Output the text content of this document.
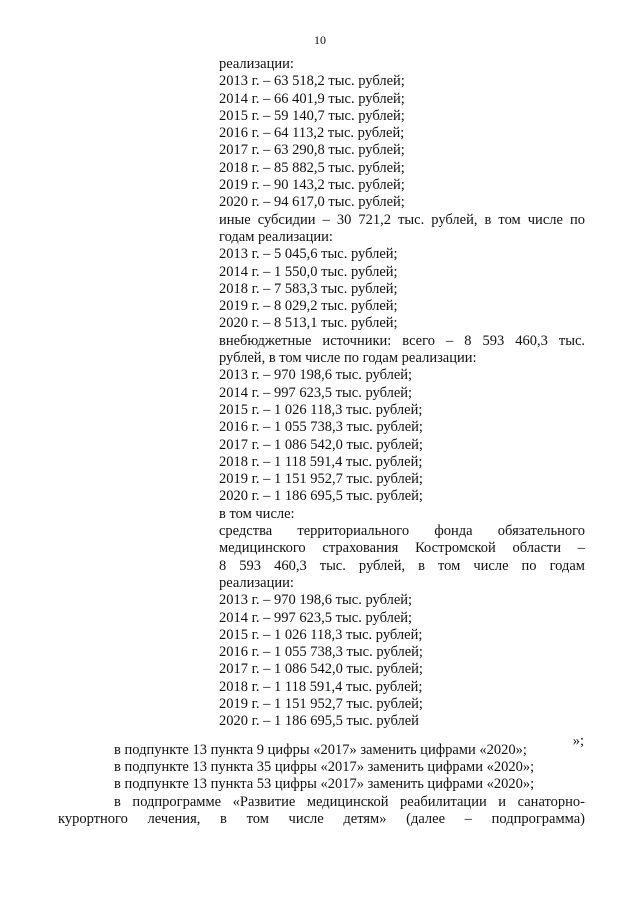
10
реализации:
2013 г. – 63 518,2 тыс. рублей;
2014 г. – 66 401,9 тыс. рублей;
2015 г. – 59 140,7 тыс. рублей;
2016 г. – 64 113,2 тыс. рублей;
2017 г. – 63 290,8 тыс. рублей;
2018 г. – 85 882,5 тыс. рублей;
2019 г. – 90 143,2 тыс. рублей;
2020 г. – 94 617,0 тыс. рублей;
иные субсидии – 30 721,2 тыс. рублей, в том числе по
годам реализации:
2013 г. – 5 045,6 тыс. рублей;
2014 г. – 1 550,0 тыс. рублей;
2018 г. – 7 583,3 тыс. рублей;
2019 г. – 8 029,2 тыс. рублей;
2020 г. – 8 513,1 тыс. рублей;
внебюджетные источники: всего – 8 593 460,3 тыс.
рублей, в том числе по годам реализации:
2013 г. – 970 198,6 тыс. рублей;
2014 г. – 997 623,5 тыс. рублей;
2015 г. – 1 026 118,3 тыс. рублей;
2016 г. – 1 055 738,3 тыс. рублей;
2017 г. – 1 086 542,0 тыс. рублей;
2018 г. – 1 118 591,4 тыс. рублей;
2019 г. – 1 151 952,7 тыс. рублей;
2020 г. – 1 186 695,5 тыс. рублей;
в том числе:
средства территориального фонда обязательного
медицинского страхования Костромской области –
8 593 460,3 тыс. рублей, в том числе по годам
реализации:
2013 г. – 970 198,6 тыс. рублей;
2014 г. – 997 623,5 тыс. рублей;
2015 г. – 1 026 118,3 тыс. рублей;
2016 г. – 1 055 738,3 тыс. рублей;
2017 г. – 1 086 542,0 тыс. рублей;
2018 г. – 1 118 591,4 тыс. рублей;
2019 г. – 1 151 952,7 тыс. рублей;
2020 г. – 1 186 695,5 тыс. рублей
»;
в подпункте 13 пункта 9 цифры «2017» заменить цифрами «2020»;
в подпункте 13 пункта 35 цифры «2017» заменить цифрами «2020»;
в подпункте 13 пункта 53 цифры «2017» заменить цифрами «2020»;
в подпрограмме «Развитие медицинской реабилитации и санаторно-
курортного лечения, в том числе детям» (далее – подпрограмма)
